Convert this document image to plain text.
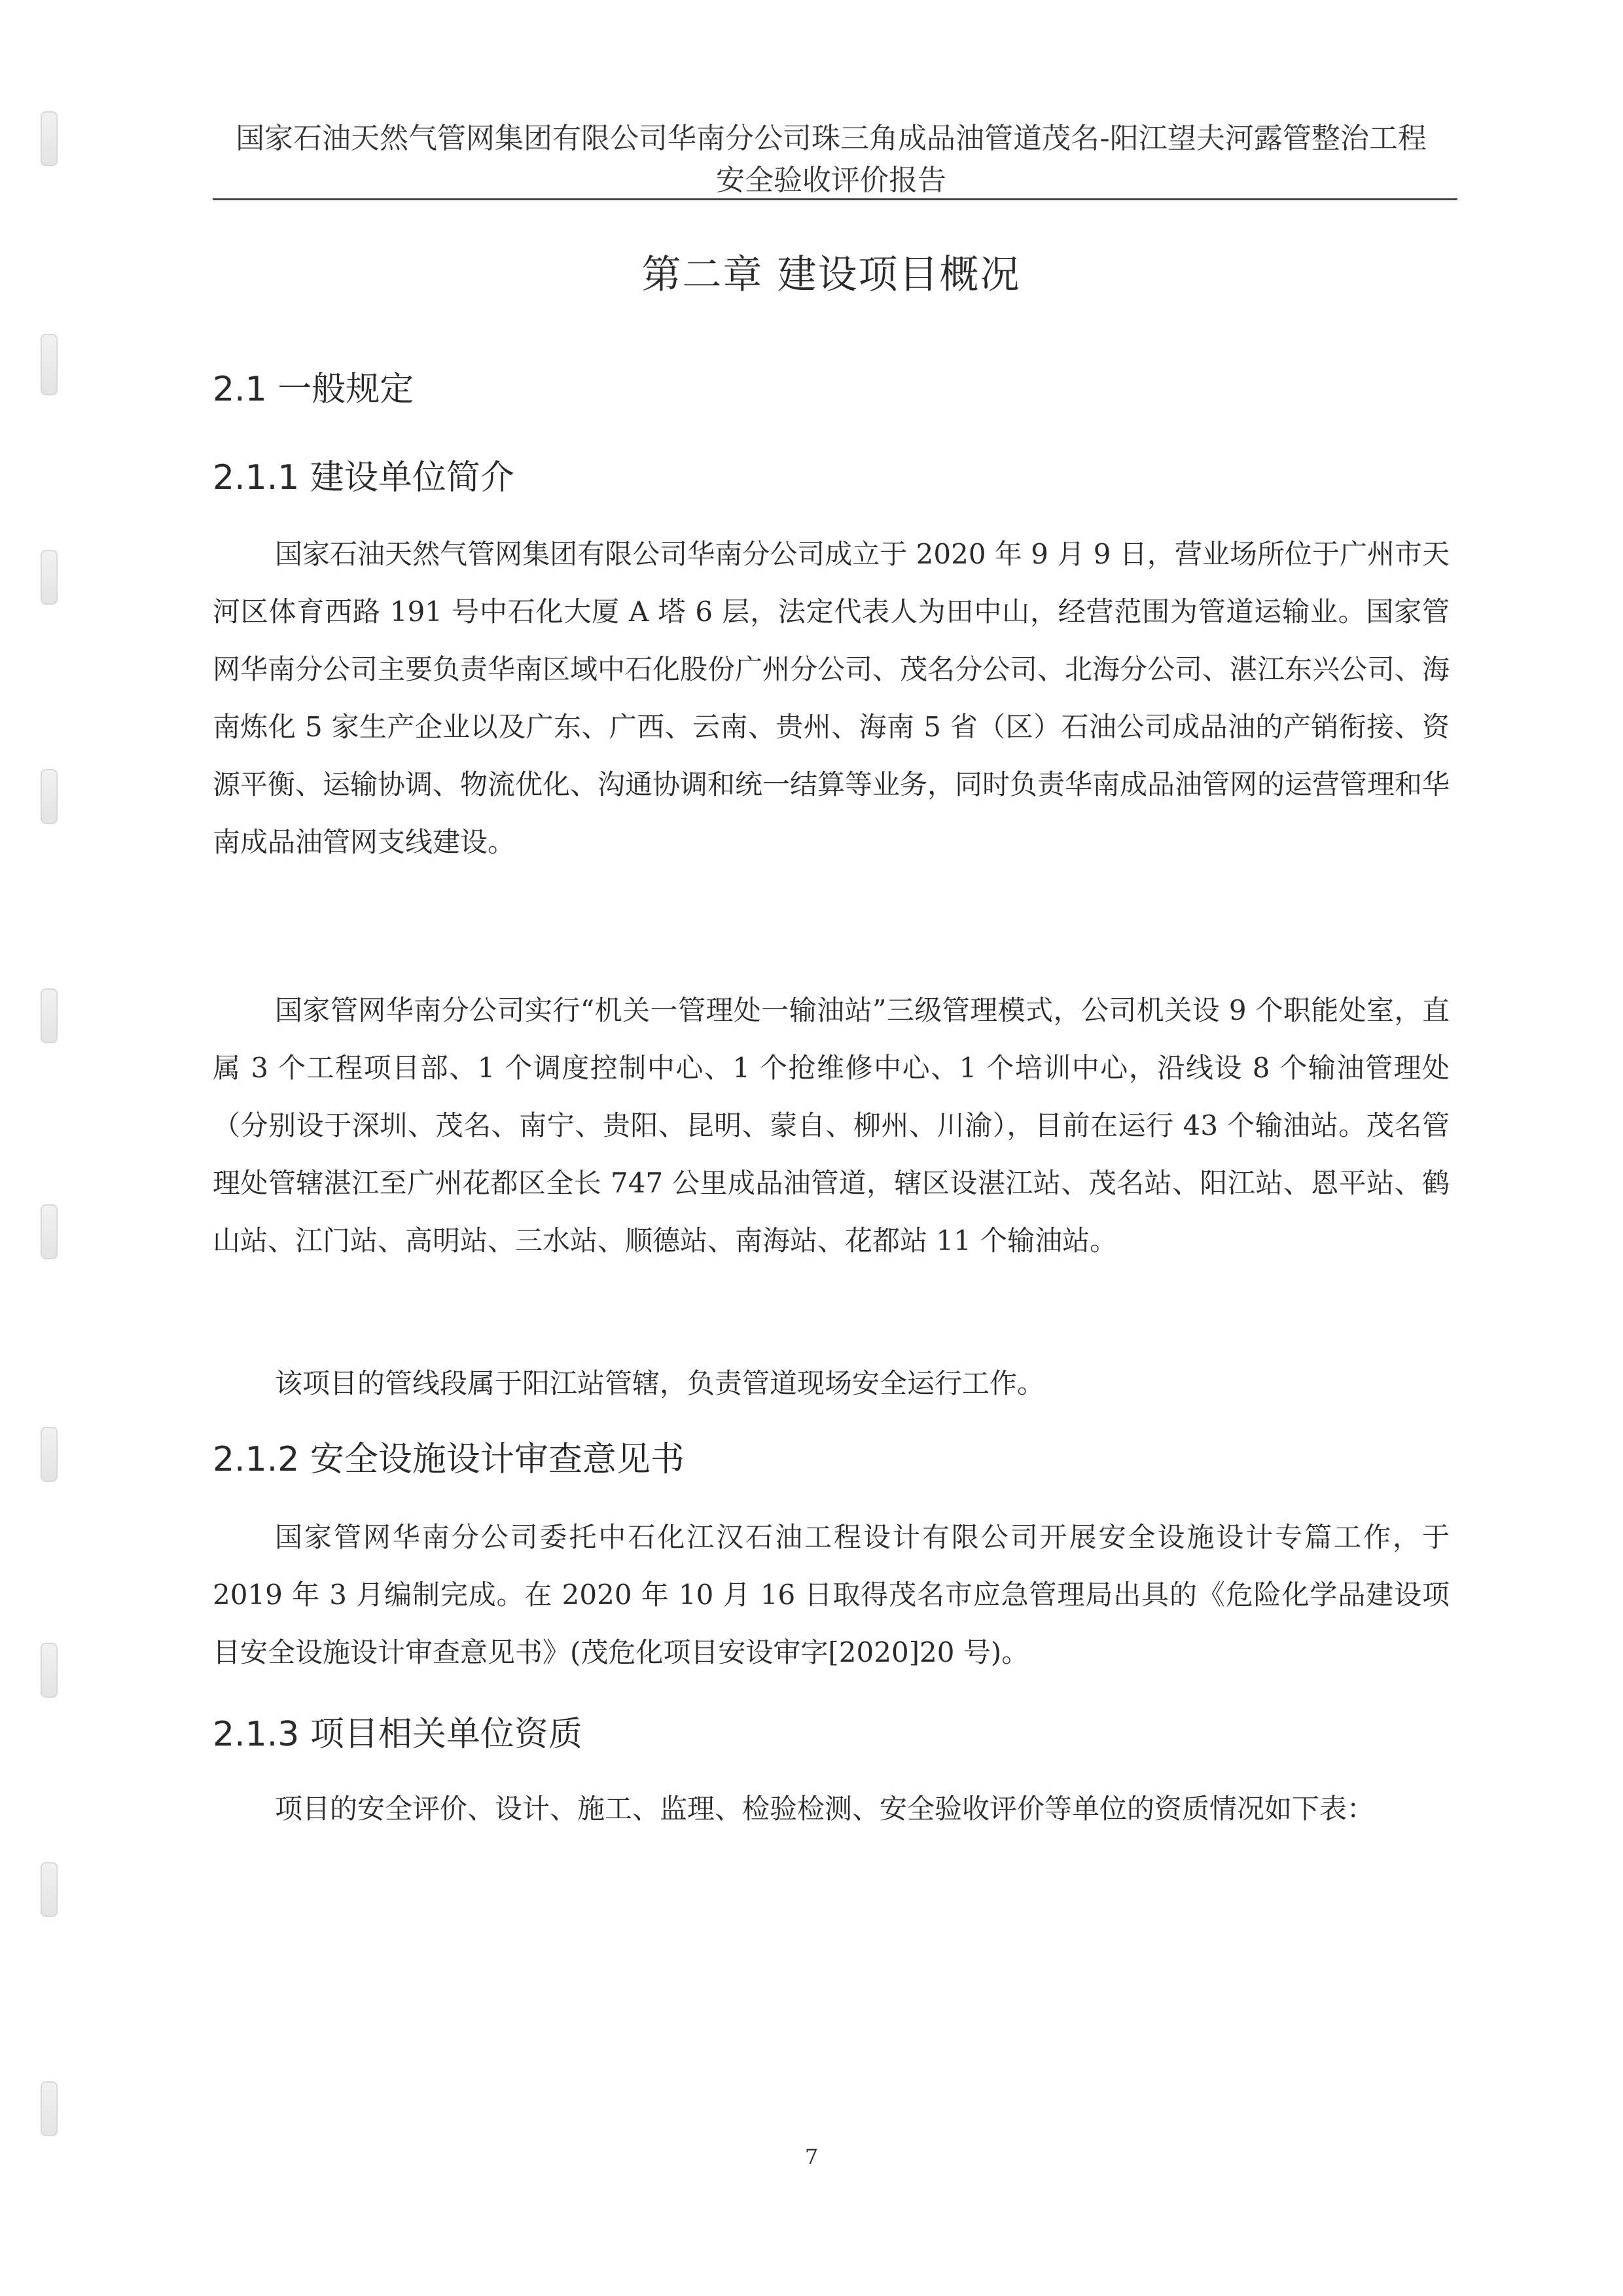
国家石油天然气管网集团有限公司华南分公司珠三角成品油管道茂名-阳江望夫河露管整治工程
安全验收评价报告
第二章 建设项目概况
2.1 一般规定
2.1.1 建设单位简介
国家石油天然气管网集团有限公司华南分公司成立于 2020 年 9 月 9 日，营业场所位于广州市天河区体育西路 191 号中石化大厦 A 塔 6 层，法定代表人为田中山，经营范围为管道运输业。国家管网华南分公司主要负责华南区域中石化股份广州分公司、茂名分公司、北海分公司、湛江东兴公司、海南炼化 5 家生产企业以及广东、广西、云南、贵州、海南 5 省（区）石油公司成品油的产销衔接、资源平衡、运输协调、物流优化、沟通协调和统一结算等业务，同时负责华南成品油管网的运营管理和华南成品油管网支线建设。
国家管网华南分公司实行“机关一管理处一输油站”三级管理模式，公司机关设 9 个职能处室，直属 3 个工程项目部、1 个调度控制中心、1 个抢维修中心、1 个培训中心，沿线设 8 个输油管理处（分别设于深圳、茂名、南宁、贵阳、昆明、蒙自、柳州、川渝），目前在运行 43 个输油站。茂名管理处管辖湛江至广州花都区全长 747 公里成品油管道，辖区设湛江站、茂名站、阳江站、恩平站、鹤山站、江门站、高明站、三水站、顺德站、南海站、花都站 11 个输油站。
该项目的管线段属于阳江站管辖，负责管道现场安全运行工作。
2.1.2 安全设施设计审查意见书
国家管网华南分公司委托中石化江汉石油工程设计有限公司开展安全设施设计专篇工作，于 2019 年 3 月编制完成。在 2020 年 10 月 16 日取得茂名市应急管理局出具的《危险化学品建设项目安全设施设计审查意见书》(茂危化项目安设审字[2020]20 号)。
2.1.3 项目相关单位资质
项目的安全评价、设计、施工、监理、检验检测、安全验收评价等单位的资质情况如下表：
7
